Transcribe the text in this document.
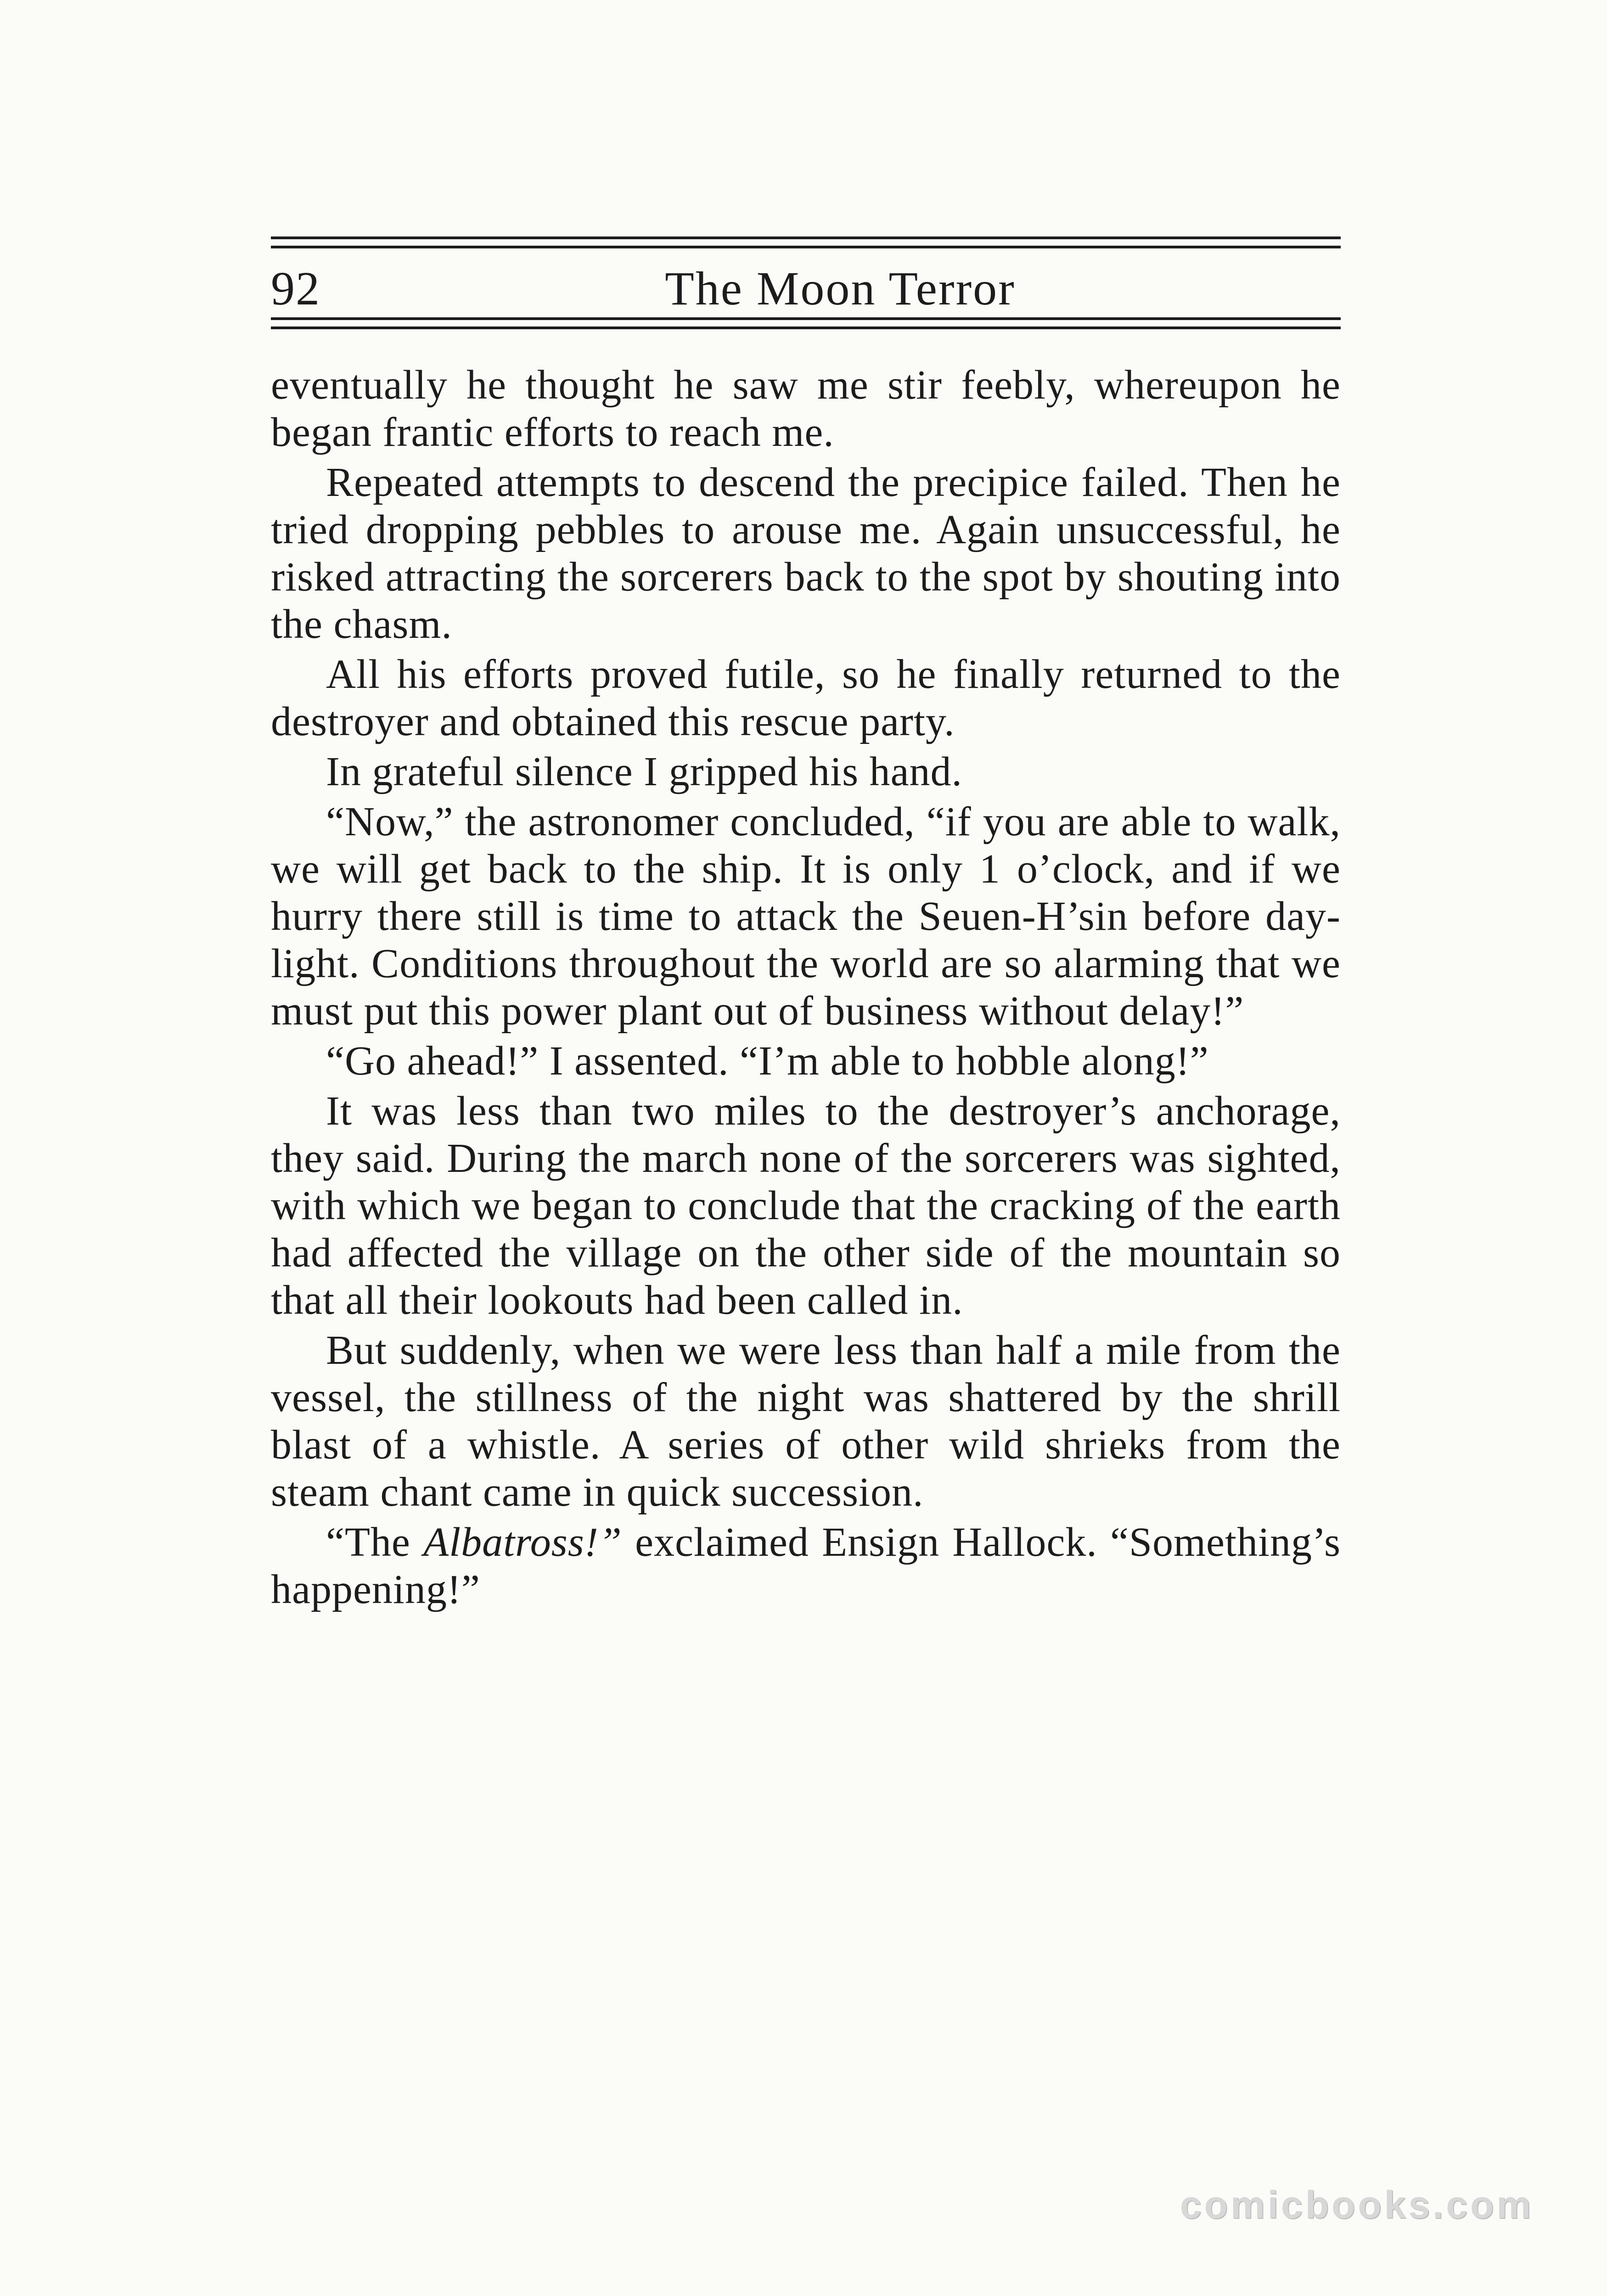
92	The Moon Terror

eventually he thought he saw me stir feebly, whereupon he began frantic efforts to reach me.

Repeated attempts to descend the precipice failed. Then he tried dropping pebbles to arouse me. Again unsuccessful, he risked attracting the sorcerers back to the spot by shouting into the chasm.

All his efforts proved futile, so he finally returned to the destroyer and obtained this rescue party.

In grateful silence I gripped his hand.

“Now,” the astronomer concluded, “if you are able to walk, we will get back to the ship. It is only 1 o’clock, and if we hurry there still is time to attack the Seuen-H’sin before day-light. Conditions throughout the world are so alarming that we must put this power plant out of business without delay!”

“Go ahead!” I assented. “I’m able to hobble along!”

It was less than two miles to the destroyer’s anchorage, they said. During the march none of the sorcerers was sighted, with which we began to conclude that the cracking of the earth had affected the village on the other side of the mountain so that all their lookouts had been called in.

But suddenly, when we were less than half a mile from the vessel, the stillness of the night was shattered by the shrill blast of a whistle. A series of other wild shrieks from the steam chant came in quick succession.

“The Albatross!” exclaimed Ensign Hallock. “Something’s happening!”

comicbooks.com
